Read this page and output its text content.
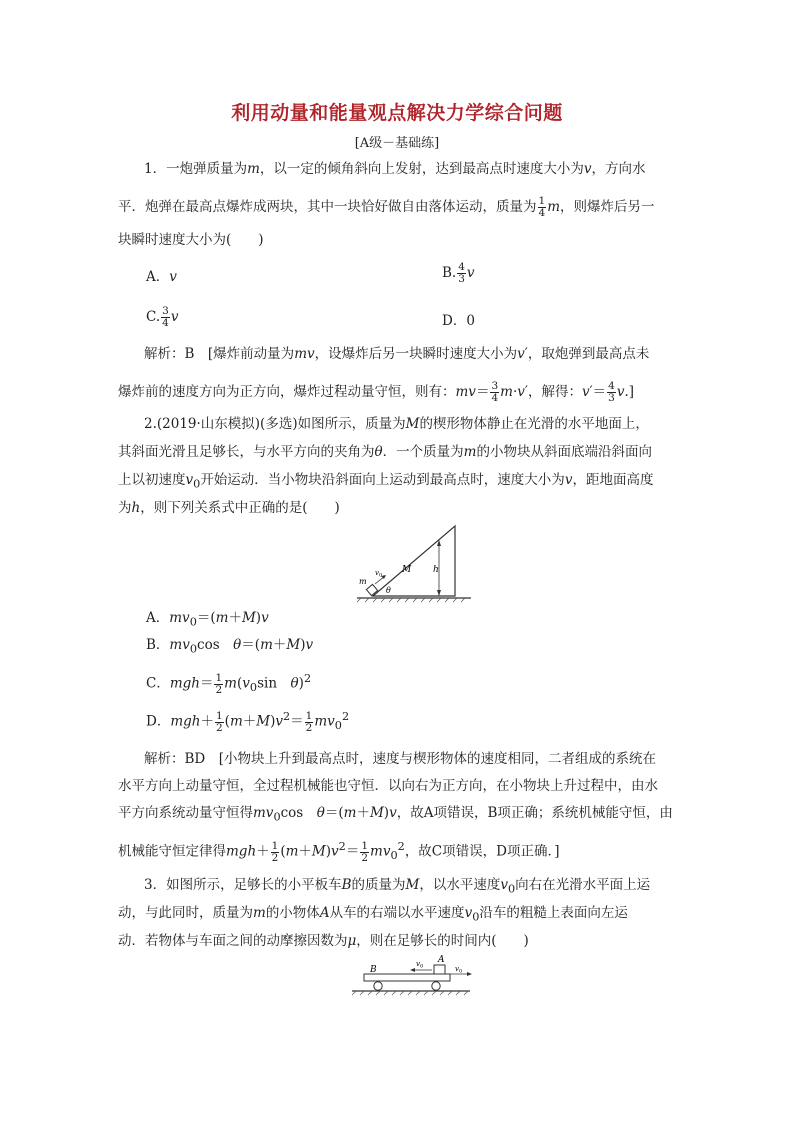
利用动量和能量观点解决力学综合问题
[A级－基础练]
1．一炮弹质量为m，以一定的倾角斜向上发射，达到最高点时速度大小为v，方向水
平．炮弹在最高点爆炸成两块，其中一块恰好做自由落体运动，质量为 $\frac{1}{4}$ m，则爆炸后另一
块瞬时速度大小为(　　)
A．v	B. $\frac{4}{3}$ v
C. $\frac{3}{4}$ v	D．0
解析：B　[爆炸前动量为mv，设爆炸后另一块瞬时速度大小为v′，取炮弹到最高点未
爆炸前的速度方向为正方向，爆炸过程动量守恒，则有：$mv= \frac{3}{4} m\cdot v'$，解得：$v'= \frac{4}{3} v$.]
2.(2019·山东模拟)(多选)如图所示，质量为M的楔形物体静止在光滑的水平地面上，
其斜面光滑且足够长，与水平方向的夹角为θ．一个质量为m的小物块从斜面底端沿斜面向
上以初速度$v_0$开始运动．当小物块沿斜面向上运动到最高点时，速度大小为v，距地面高度
为h，则下列关系式中正确的是(　　)
m
$v_0$
M
θ
h
A．$mv_0=(m+M)v$
B．$mv_0\cos$　θ＝(m＋M)v
C．$mgh= \frac{1}{2} m(v_0\sin$　θ)$^2$
D．$mgh+ \frac{1}{2} (m+M)v^2= \frac{1}{2} mv_0^2$
解析：BD　[小物块上升到最高点时，速度与楔形物体的速度相同，二者组成的系统在
水平方向上动量守恒，全过程机械能也守恒．以向右为正方向，在小物块上升过程中，由水
平方向系统动量守恒得$mv_0\cos$　θ＝(m＋M)v，故A项错误，B项正确；系统机械能守恒，由
机械能守恒定律得$mgh+ \frac{1}{2} (m+M)v^2= \frac{1}{2} mv_0^2$，故C项错误，D项正确．]
3．如图所示，足够长的小平板车B的质量为M，以水平速度$v_0$向右在光滑水平面上运
动，与此同时，质量为m的小物体A从车的右端以水平速度$v_0$沿车的粗糙上表面向左运
动．若物体与车面之间的动摩擦因数为μ，则在足够长的时间内(　　)
B
A
$v_0$	$v_0$
